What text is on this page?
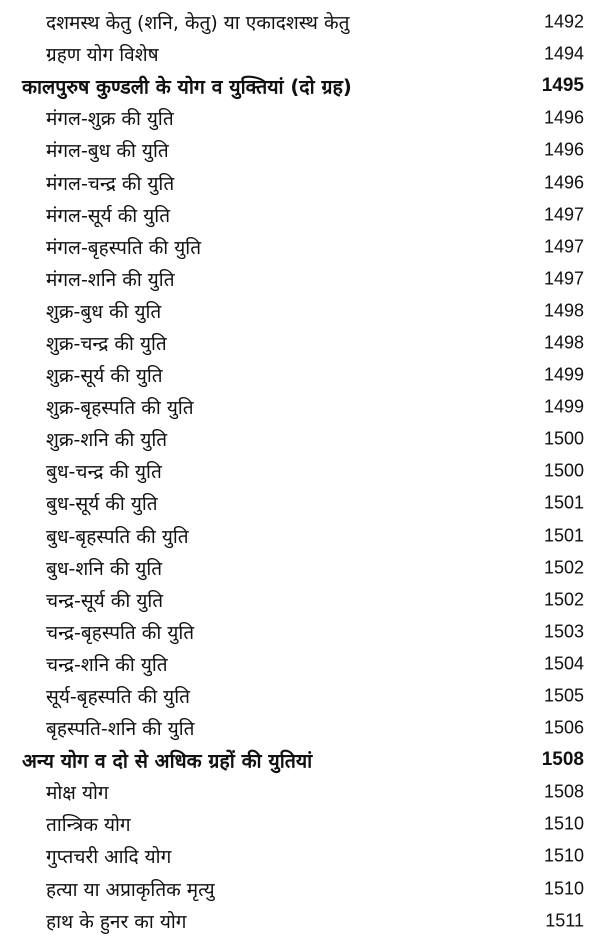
दशमस्थ केतु (शनि, केतु) या एकादशस्थ केतु	1492
ग्रहण योग विशेष	1494
कालपुरुष कुण्डली के योग व युक्तियां (दो ग्रह)	1495
मंगल-शुक्र की युति	1496
मंगल-बुध की युति	1496
मंगल-चन्द्र की युति	1496
मंगल-सूर्य की युति	1497
मंगल-बृहस्पति की युति	1497
मंगल-शनि की युति	1497
शुक्र-बुध की युति	1498
शुक्र-चन्द्र की युति	1498
शुक्र-सूर्य की युति	1499
शुक्र-बृहस्पति की युति	1499
शुक्र-शनि की युति	1500
बुध-चन्द्र की युति	1500
बुध-सूर्य की युति	1501
बुध-बृहस्पति की युति	1501
बुध-शनि की युति	1502
चन्द्र-सूर्य की युति	1502
चन्द्र-बृहस्पति की युति	1503
चन्द्र-शनि की युति	1504
सूर्य-बृहस्पति की युति	1505
बृहस्पति-शनि की युति	1506
अन्य योग व दो से अधिक ग्रहों की युतियां	1508
मोक्ष योग	1508
तान्त्रिक योग	1510
गुप्तचरी आदि योग	1510
हत्या या अप्राकृतिक मृत्यु	1510
हाथ के हुनर का योग	1511
